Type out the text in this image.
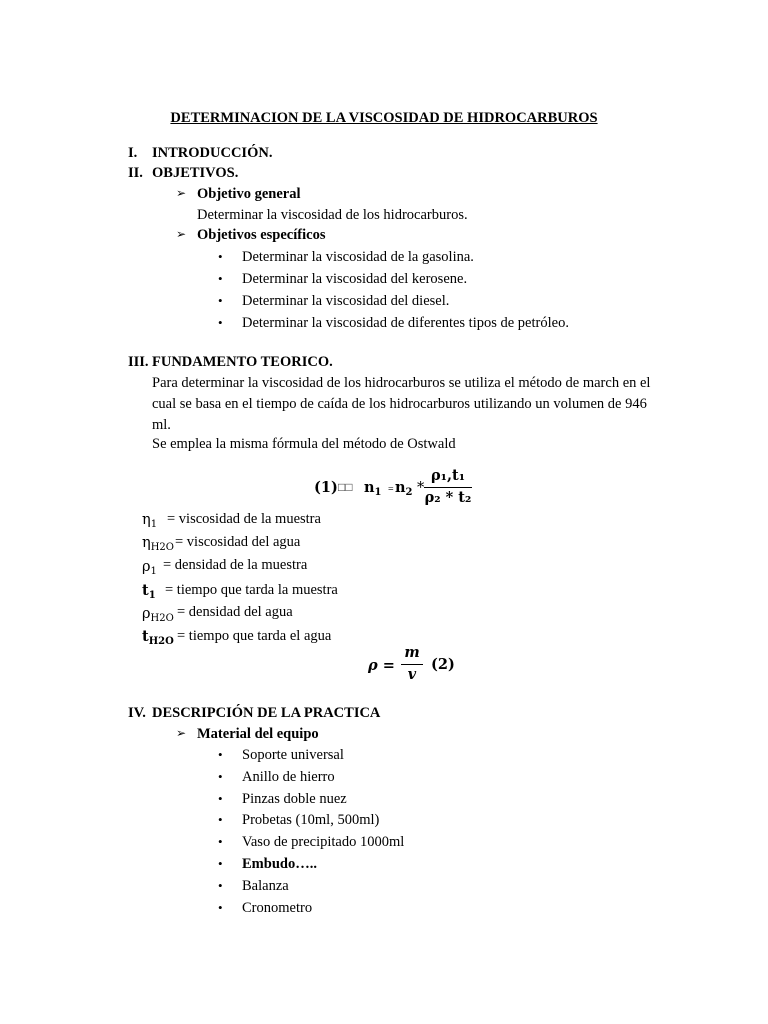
DETERMINACION DE LA VISCOSIDAD DE HIDROCARBUROS
I. INTRODUCCIÓN.
II. OBJETIVOS.
➢ Objetivo general
Determinar la viscosidad de los hidrocarburos.
➢ Objetivos específicos
• Determinar la viscosidad de la gasolina.
• Determinar la viscosidad del kerosene.
• Determinar la viscosidad del diesel.
• Determinar la viscosidad de diferentes tipos de petróleo.
III. FUNDAMENTO TEORICO.
Para determinar la viscosidad de los hidrocarburos se utiliza el método de march en el
cual se basa en el tiempo de caída de los hidrocarburos utilizando un volumen de 946
ml.
Se emplea la misma fórmula del método de Ostwald
(1) □□ $n_1 = n_2$ *
ρ₁,t₁
ρ₂ * t₂
$\eta_1$ = viscosidad de la muestra
$\eta_{H2O}$ = viscosidad del agua
$\rho_1$ = densidad de la muestra
$t_1$ = tiempo que tarda la muestra
$\rho_{H2O}$ = densidad del agua
$t_{H2O}$ = tiempo que tarda el agua
ρ =
m
v
(2)
IV. DESCRIPCIÓN DE LA PRACTICA
➢ Material del equipo
• Soporte universal
• Anillo de hierro
• Pinzas doble nuez
• Probetas (10ml, 500ml)
• Vaso de precipitado 1000ml
• Embudo…..
• Balanza
• Cronometro
